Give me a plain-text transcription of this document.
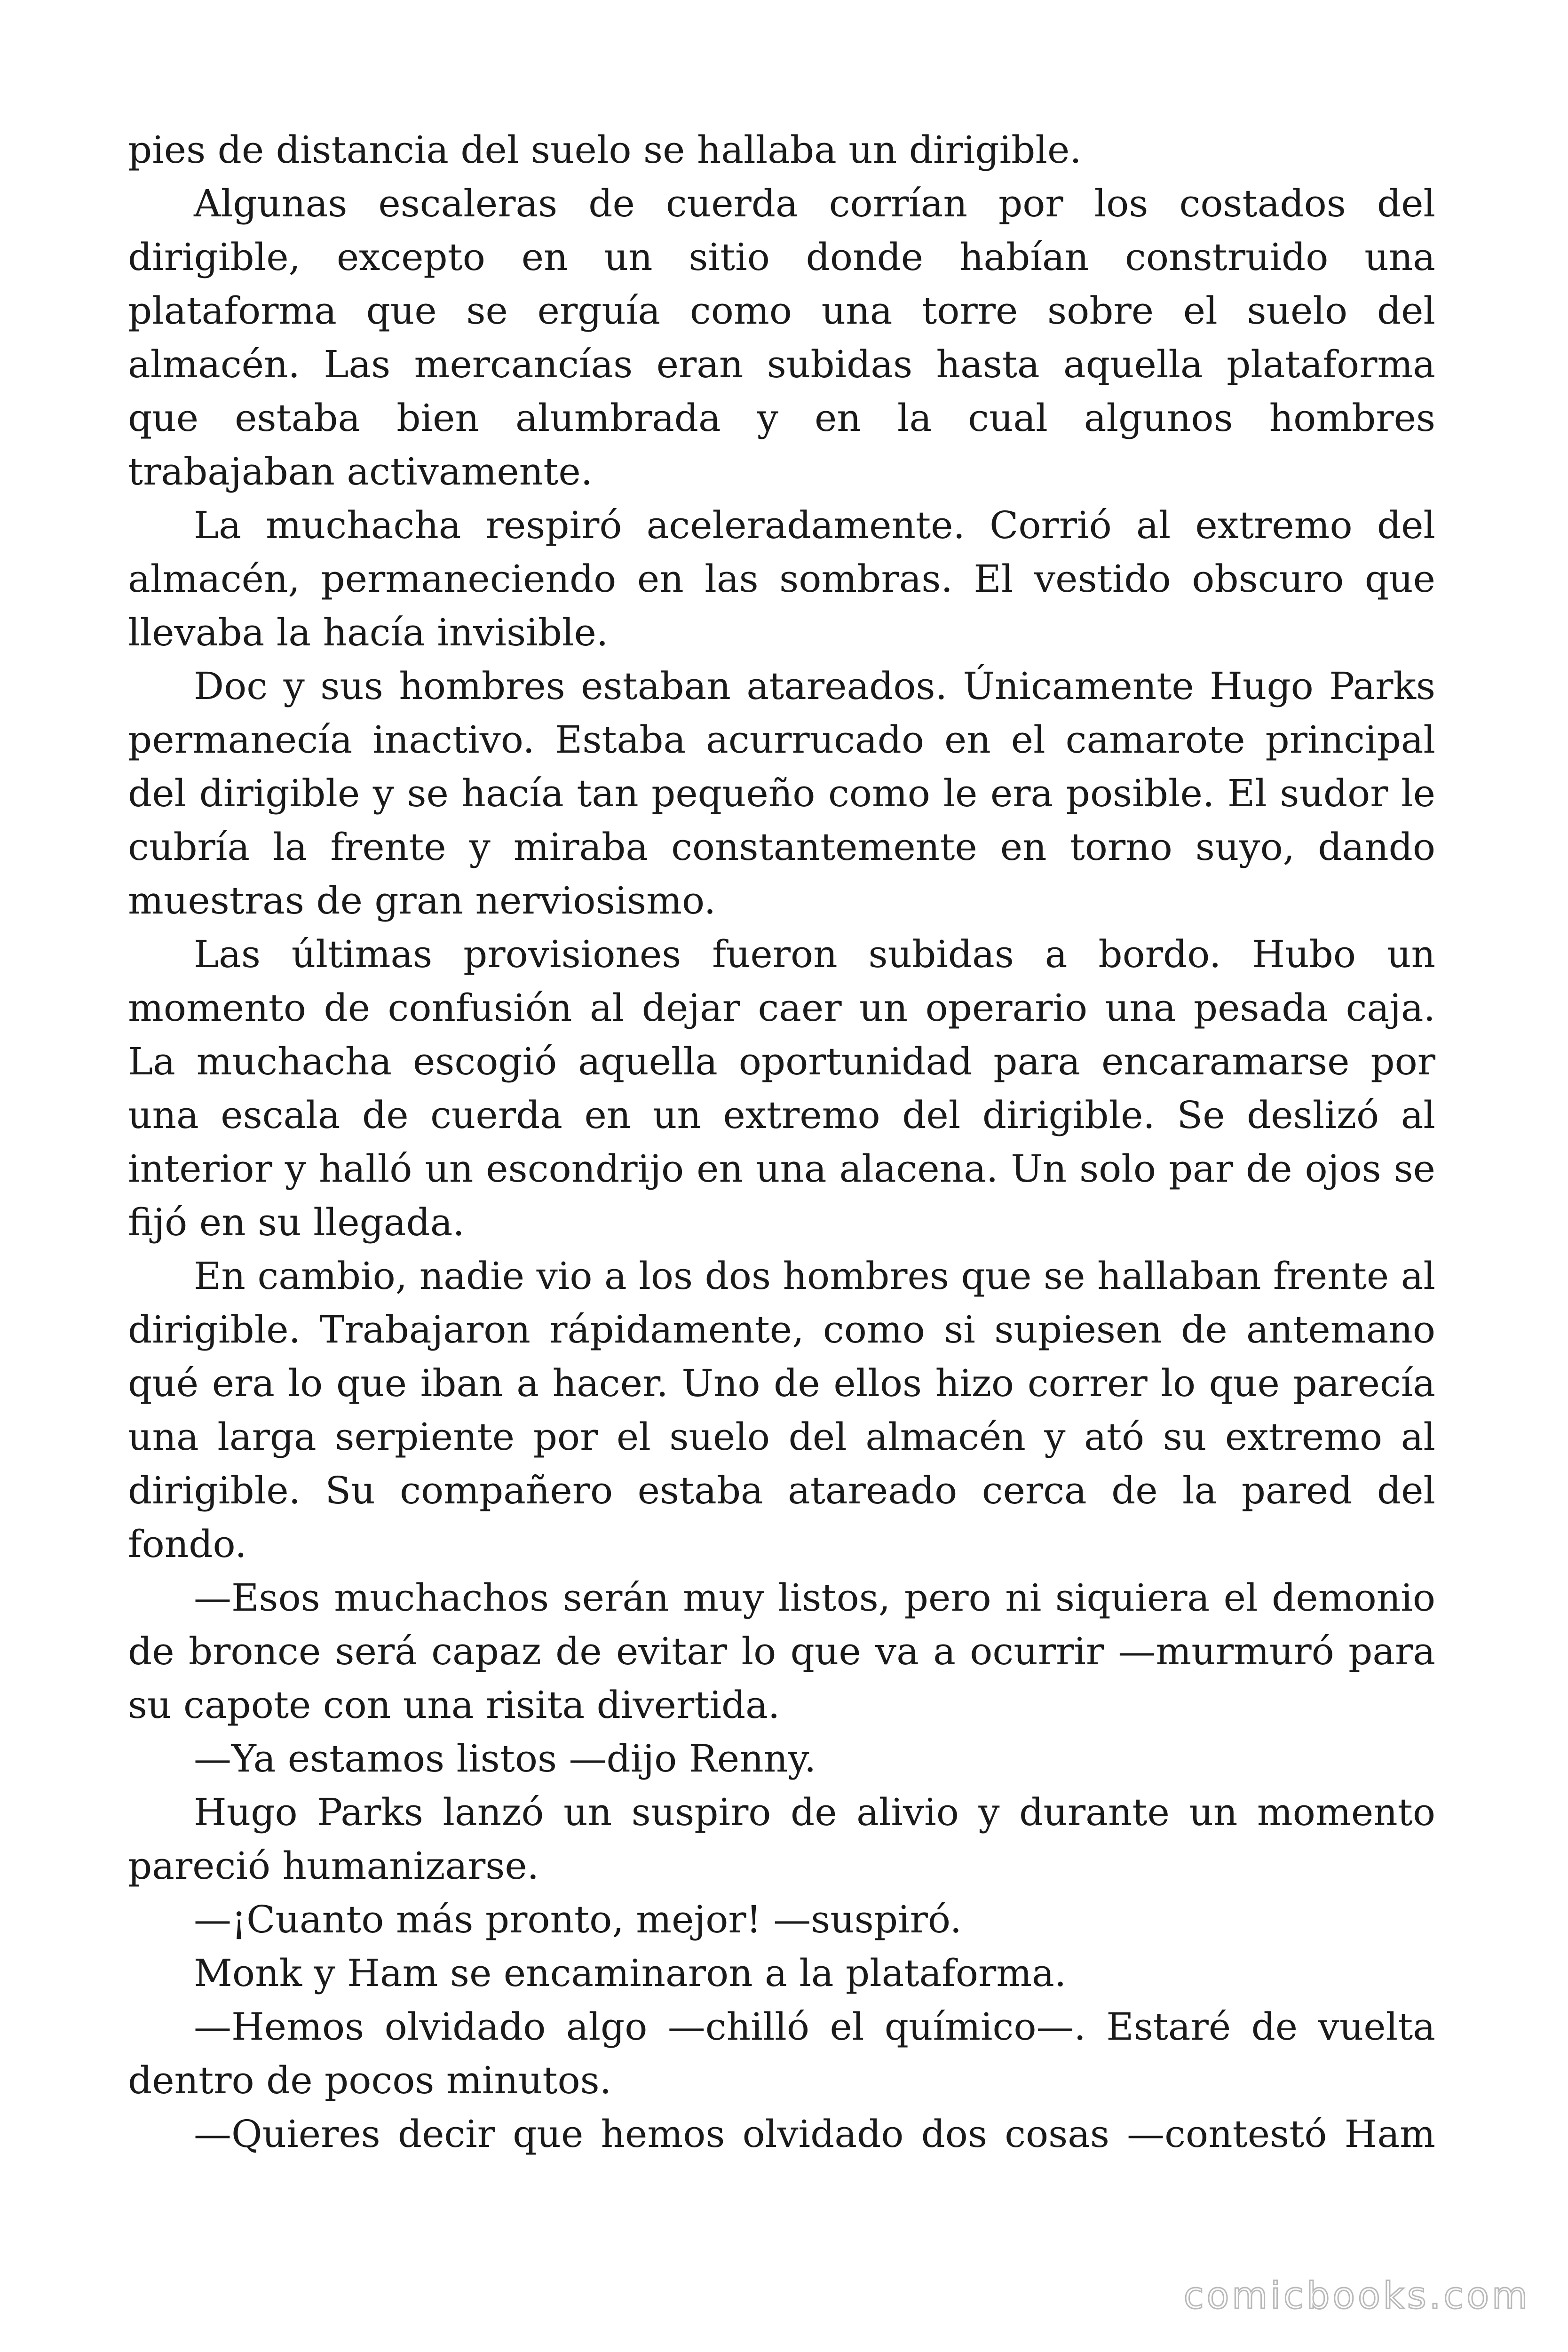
pies de distancia del suelo se hallaba un dirigible.

Algunas escaleras de cuerda corrían por los costados del dirigible, excepto en un sitio donde habían construido una plataforma que se erguía como una torre sobre el suelo del almacén. Las mercancías eran subidas hasta aquella plataforma que estaba bien alumbrada y en la cual algunos hombres trabajaban activamente.

La muchacha respiró aceleradamente. Corrió al extremo del almacén, permaneciendo en las sombras. El vestido obscuro que llevaba la hacía invisible.

Doc y sus hombres estaban atareados. Únicamente Hugo Parks permanecía inactivo. Estaba acurrucado en el camarote principal del dirigible y se hacía tan pequeño como le era posible. El sudor le cubría la frente y miraba constantemente en torno suyo, dando muestras de gran nerviosismo.

Las últimas provisiones fueron subidas a bordo. Hubo un momento de confusión al dejar caer un operario una pesada caja. La muchacha escogió aquella oportunidad para encaramarse por una escala de cuerda en un extremo del dirigible. Se deslizó al interior y halló un escondrijo en una alacena. Un solo par de ojos se fijó en su llegada.

En cambio, nadie vio a los dos hombres que se hallaban frente al dirigible. Trabajaron rápidamente, como si supiesen de antemano qué era lo que iban a hacer. Uno de ellos hizo correr lo que parecía una larga serpiente por el suelo del almacén y ató su extremo al dirigible. Su compañero estaba atareado cerca de la pared del fondo.

—Esos muchachos serán muy listos, pero ni siquiera el demonio de bronce será capaz de evitar lo que va a ocurrir —murmuró para su capote con una risita divertida.

—Ya estamos listos —dijo Renny.

Hugo Parks lanzó un suspiro de alivio y durante un momento pareció humanizarse.

—¡Cuanto más pronto, mejor! —suspiró.

Monk y Ham se encaminaron a la plataforma.

—Hemos olvidado algo —chilló el químico—. Estaré de vuelta dentro de pocos minutos.

—Quieres decir que hemos olvidado dos cosas —contestó Ham

comicbooks.com
